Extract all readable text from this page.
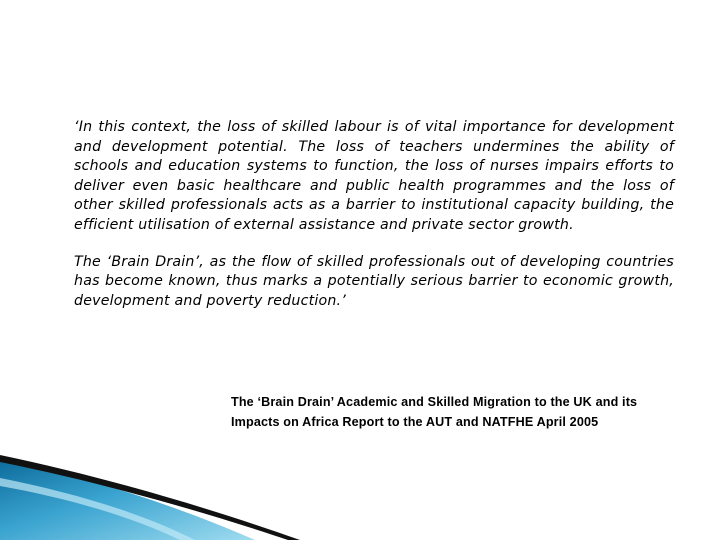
‘In this context, the loss of skilled labour is of vital importance for development and development potential. The loss of teachers undermines the ability of schools and education systems to function, the loss of nurses impairs efforts to deliver even basic healthcare and public health programmes and the loss of other skilled professionals acts as a barrier to institutional capacity building, the efficient utilisation of external assistance and private sector growth.

The ‘Brain Drain’, as the flow of skilled professionals out of developing countries has become known, thus marks a potentially serious barrier to economic growth, development and poverty reduction.’

The ‘Brain Drain’ Academic and Skilled Migration to the UK and its
Impacts on Africa Report to the AUT and NATFHE April 2005
